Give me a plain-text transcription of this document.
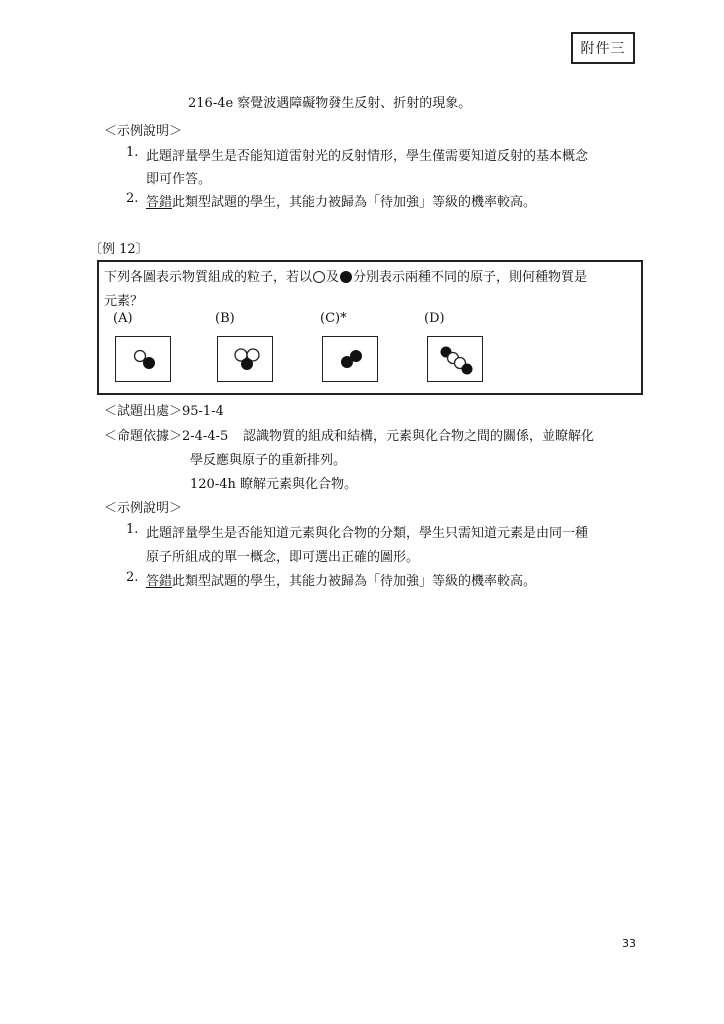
附件三
216-4e 察覺波遇障礙物發生反射、折射的現象。
＜示例說明＞
1. 此題評量學生是否能知道雷射光的反射情形，學生僅需要知道反射的基本概念
即可作答。
2. 答錯此類型試題的學生，其能力被歸為「待加強」等級的機率較高。
〔例 12〕
下列各圖表示物質組成的粒子，若以 及 分別表示兩種不同的原子，則何種物質是
元素？
(A)	(B)	(C)*	(D)
＜試題出處＞95-1-4
＜命題依據＞2-4-4-5 認識物質的組成和結構，元素與化合物之間的關係，並瞭解化
學反應與原子的重新排列。
120-4h 瞭解元素與化合物。
＜示例說明＞
1. 此題評量學生是否能知道元素與化合物的分類，學生只需知道元素是由同一種
原子所組成的單一概念，即可選出正確的圖形。
2. 答錯此類型試題的學生，其能力被歸為「待加強」等級的機率較高。
33
